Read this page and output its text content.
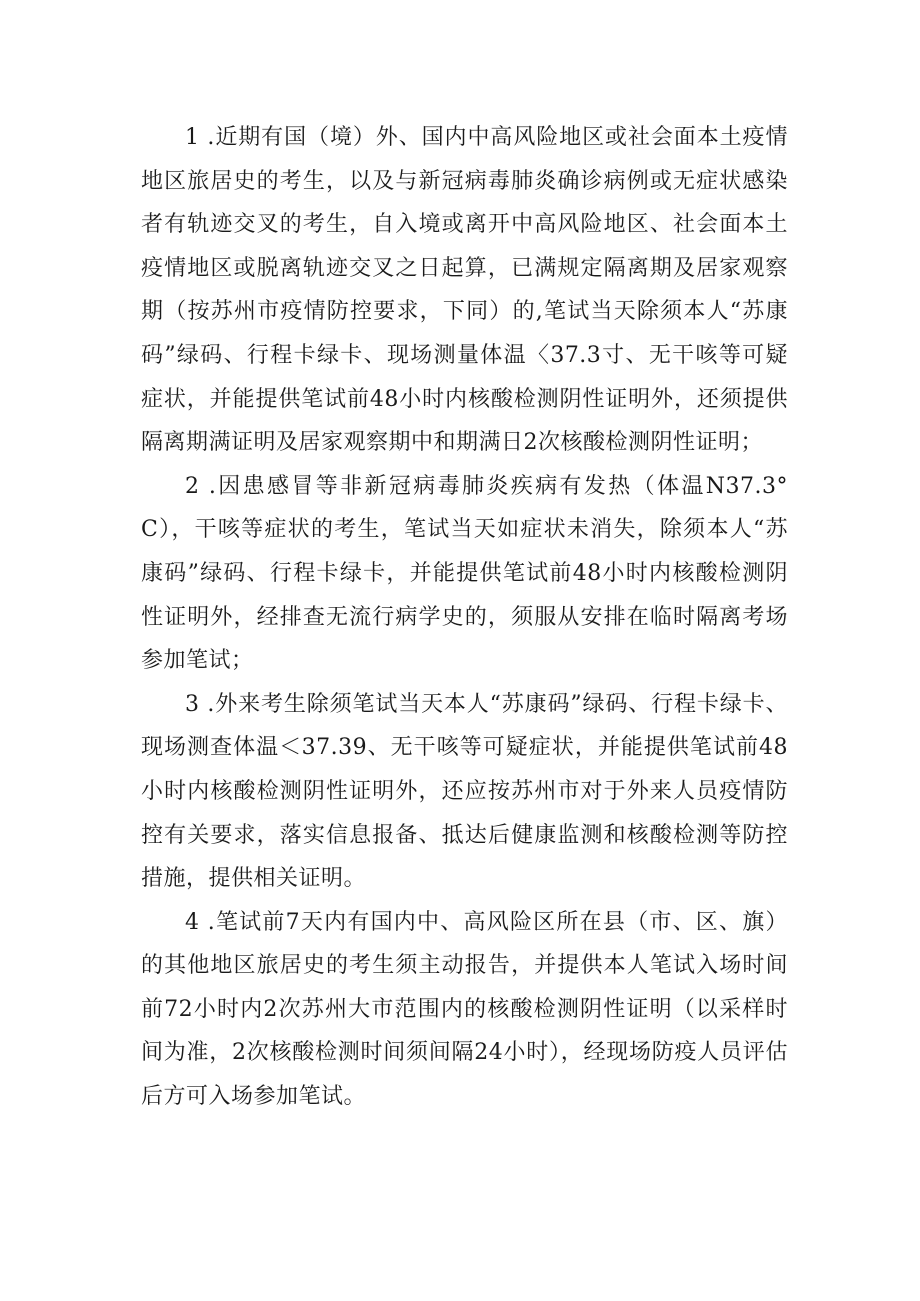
1 .近期有国（境）外、国内中高风险地区或社会面本土疫情地区旅居史的考生，以及与新冠病毒肺炎确诊病例或无症状感染者有轨迹交叉的考生，自入境或离开中高风险地区、社会面本土疫情地区或脱离轨迹交叉之日起算，已满规定隔离期及居家观察期（按苏州市疫情防控要求，下同）的,笔试当天除须本人“苏康码”绿码、行程卡绿卡、现场测量体温〈37.3寸、无干咳等可疑症状，并能提供笔试前48小时内核酸检测阴性证明外，还须提供隔离期满证明及居家观察期中和期满日2次核酸检测阴性证明；

2 .因患感冒等非新冠病毒肺炎疾病有发热（体温N37.3°C），干咳等症状的考生，笔试当天如症状未消失，除须本人“苏康码”绿码、行程卡绿卡，并能提供笔试前48小时内核酸检测阴性证明外，经排查无流行病学史的，须服从安排在临时隔离考场参加笔试；

3 .外来考生除须笔试当天本人“苏康码”绿码、行程卡绿卡、现场测查体温＜37.39、无干咳等可疑症状，并能提供笔试前48小时内核酸检测阴性证明外，还应按苏州市对于外来人员疫情防控有关要求，落实信息报备、抵达后健康监测和核酸检测等防控措施，提供相关证明。

4 .笔试前7天内有国内中、高风险区所在县（市、区、旗）的其他地区旅居史的考生须主动报告，并提供本人笔试入场时间前72小时内2次苏州大市范围内的核酸检测阴性证明（以采样时间为准，2次核酸检测时间须间隔24小时），经现场防疫人员评估后方可入场参加笔试。
